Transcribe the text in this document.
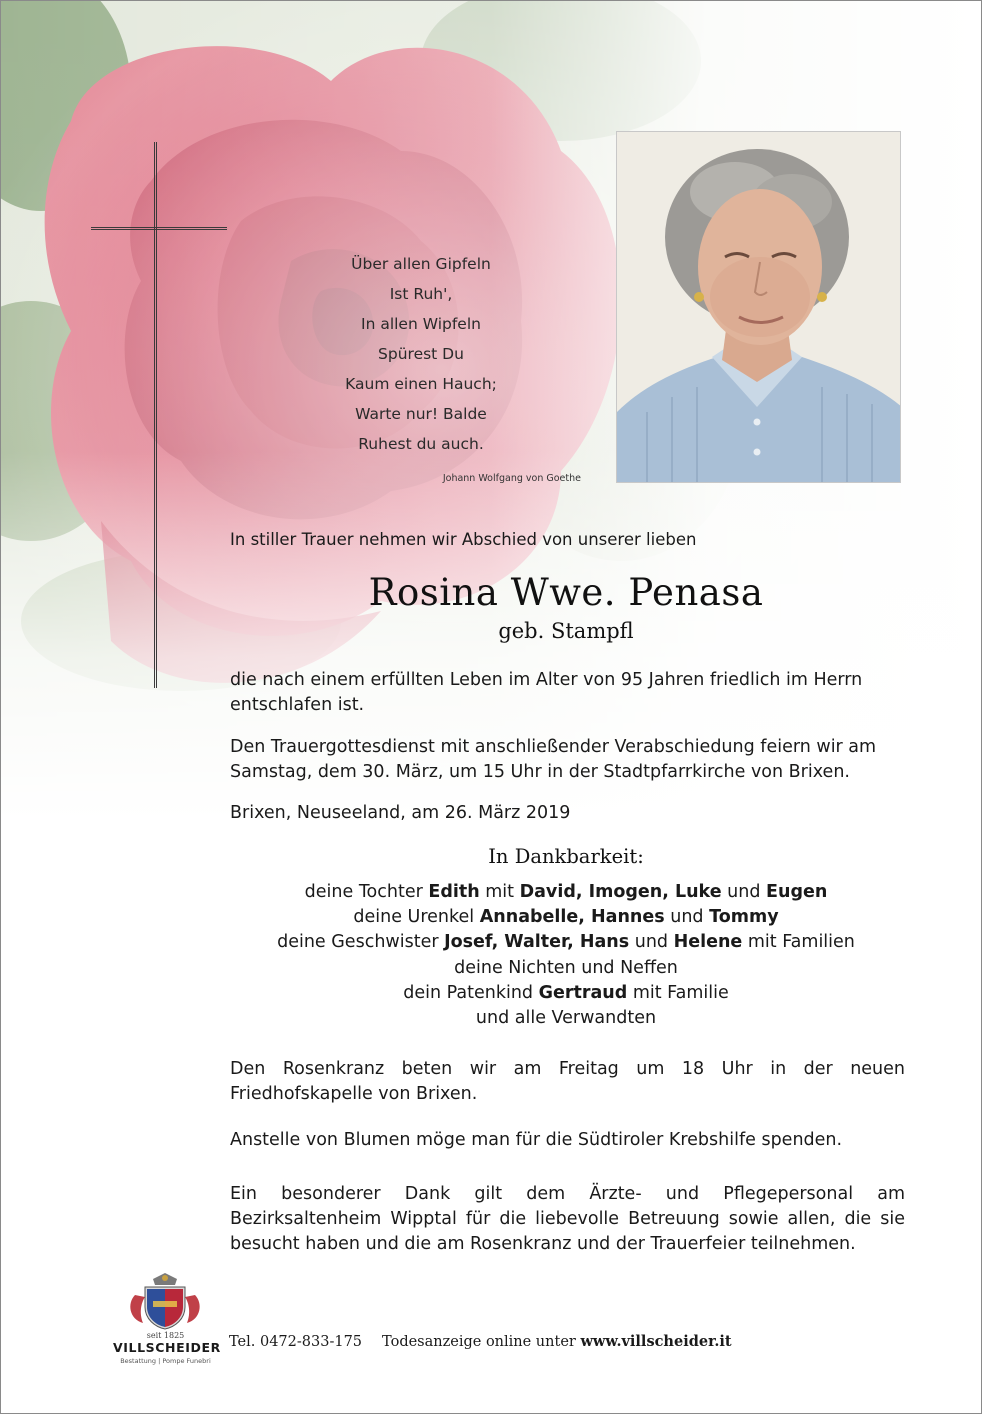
Über allen Gipfeln
Ist Ruh',
In allen Wipfeln
Spürest Du
Kaum einen Hauch;
Warte nur! Balde
Ruhest du auch.
Johann Wolfgang von Goethe
In stiller Trauer nehmen wir Abschied von unserer lieben
Rosina Wwe. Penasa
geb. Stampfl
die nach einem erfüllten Leben im Alter von 95 Jahren friedlich im Herrn entschlafen ist.
Den Trauergottesdienst mit anschließender Verabschiedung feiern wir am Samstag, dem 30. März, um 15 Uhr in der Stadtpfarrkirche von Brixen.
Brixen, Neuseeland, am 26. März 2019
In Dankbarkeit:
deine Tochter Edith mit David, Imogen, Luke und Eugen
deine Urenkel Annabelle, Hannes und Tommy
deine Geschwister Josef, Walter, Hans und Helene mit Familien
deine Nichten und Neffen
dein Patenkind Gertraud mit Familie
und alle Verwandten
Den Rosenkranz beten wir am Freitag um 18 Uhr in der neuen Friedhofskapelle von Brixen.
Anstelle von Blumen möge man für die Südtiroler Krebshilfe spenden.
Ein besonderer Dank gilt dem Ärzte- und Pflegepersonal am Bezirksaltenheim Wipptal für die liebevolle Betreuung sowie allen, die sie besucht haben und die am Rosenkranz und der Trauerfeier teilnehmen.
seit 1825
VILLSCHEIDER
Bestattung | Pompe Funebri
Tel. 0472-833-175 Todesanzeige online unter www.villscheider.it
